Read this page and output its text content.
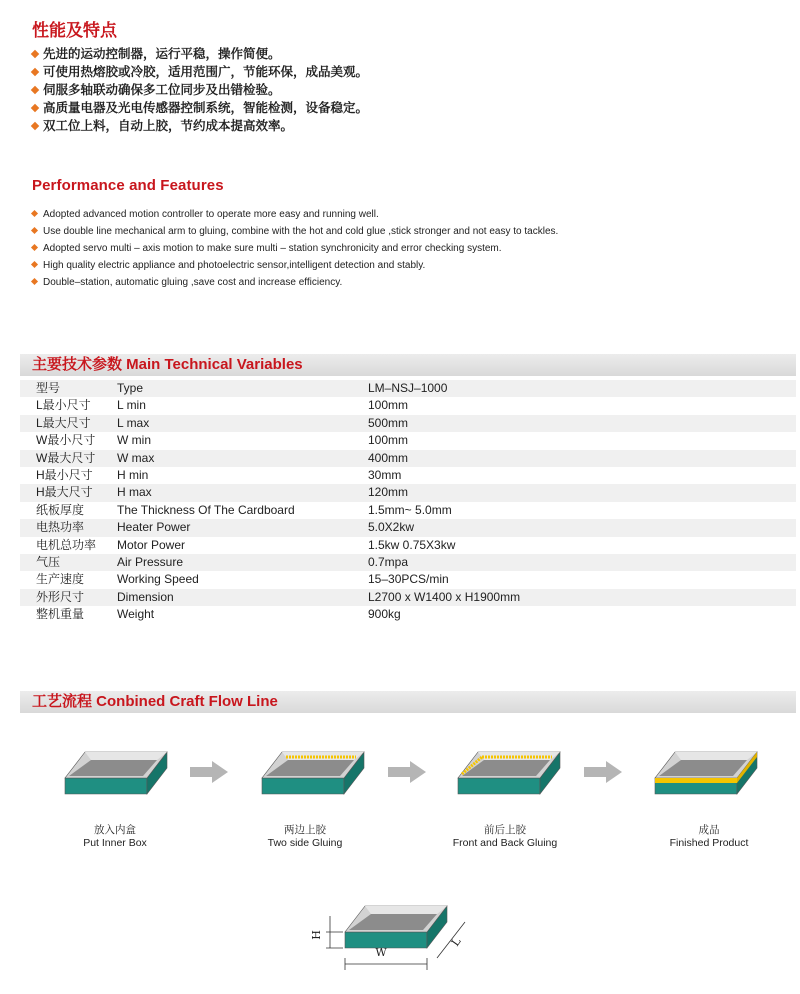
性能及特点
先进的运动控制器，运行平稳，操作简便。
可使用热熔胶或冷胶，适用范围广，节能环保，成品美观。
伺服多轴联动确保多工位同步及出错检验。
高质量电器及光电传感器控制系统，智能检测，设备稳定。
双工位上料，自动上胶，节约成本提高效率。
Performance and Features
Adopted advanced motion controller to operate more easy and running well.
Use double line mechanical arm to gluing, combine with the hot and cold glue ,stick stronger and not easy to tackles.
Adopted servo multi – axis motion to make sure multi – station synchronicity and error checking system.
High quality electric appliance and photoelectric sensor,intelligent detection and stably.
Double–station, automatic gluing ,save cost and increase efficiency.
主要技术参数 Main Technical Variables
型号	Type	LM–NSJ–1000
L最小尺寸 L min	100mm
L最大尺寸 L max	500mm
W最小尺寸 W min	100mm
W最大尺寸 W max	400mm
H最小尺寸 H min	30mm
H最大尺寸 H max	120mm
纸板厚度	The Thickness Of The Cardboard	1.5mm~ 5.0mm
电热功率	Heater Power	5.0X2kw
电机总功率 Motor Power	1.5kw 0.75X3kw
气压	Air Pressure	0.7mpa
生产速度	Working Speed	15–30PCS/min
外形尺寸	Dimension	L2700 x W1400 x H1900mm
整机重量	Weight	900kg
工艺流程 Conbined Craft Flow Line
H
W
L
放入内盒
Put Inner Box
两边上胶
Two side Gluing
前后上胶
Front and Back Gluing
成品
Finished Product
